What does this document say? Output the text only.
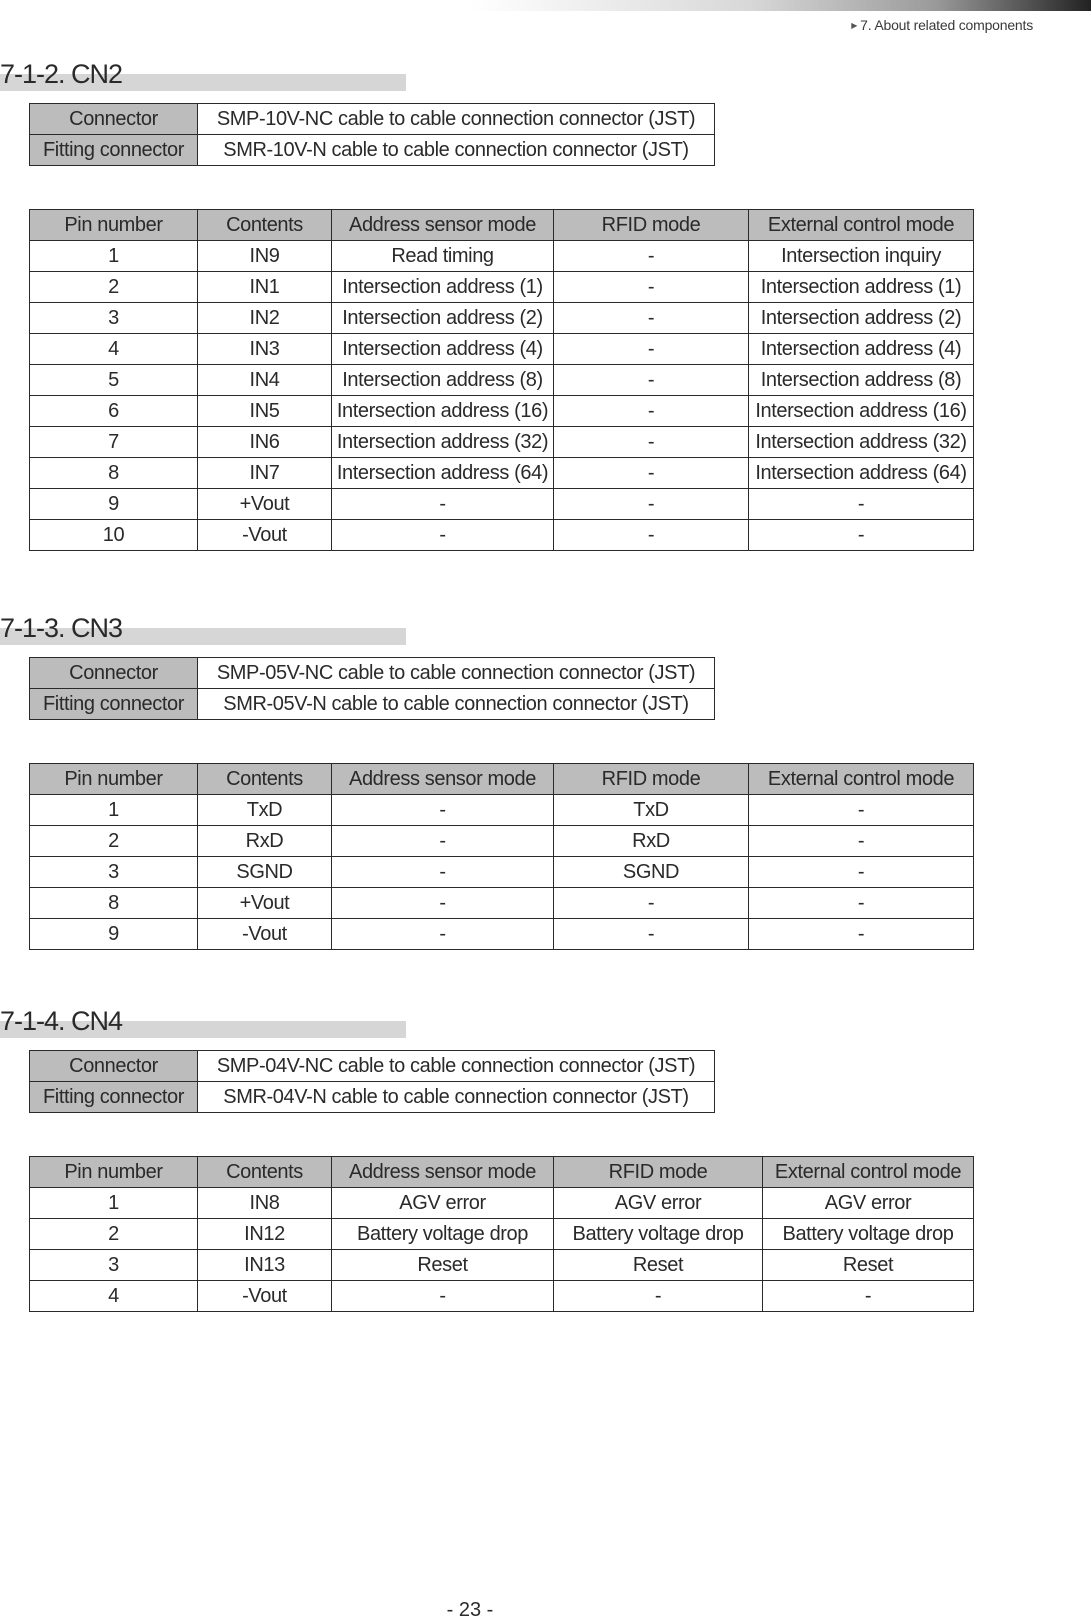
▶ 7. About related components
7-1-2. CN2
Connector	SMP-10V-NC cable to cable connection connector (JST)
Fitting connector	SMR-10V-N cable to cable connection connector (JST)
Pin number	Contents	Address sensor mode	RFID mode	External control mode
1	IN9	Read timing	-	Intersection inquiry
2	IN1	Intersection address (1)	-	Intersection address (1)
3	IN2	Intersection address (2)	-	Intersection address (2)
4	IN3	Intersection address (4)	-	Intersection address (4)
5	IN4	Intersection address (8)	-	Intersection address (8)
6	IN5	Intersection address (16)	-	Intersection address (16)
7	IN6	Intersection address (32)	-	Intersection address (32)
8	IN7	Intersection address (64)	-	Intersection address (64)
9	+Vout	-	-	-
10	-Vout	-	-	-
7-1-3. CN3
Connector	SMP-05V-NC cable to cable connection connector (JST)
Fitting connector	SMR-05V-N cable to cable connection connector (JST)
Pin number	Contents	Address sensor mode	RFID mode	External control mode
1	TxD	-	TxD	-
2	RxD	-	RxD	-
3	SGND	-	SGND	-
8	+Vout	-	-	-
9	-Vout	-	-	-
7-1-4. CN4
Connector	SMP-04V-NC cable to cable connection connector (JST)
Fitting connector	SMR-04V-N cable to cable connection connector (JST)
Pin number	Contents	Address sensor mode	RFID mode	External control mode
1	IN8	AGV error	AGV error	AGV error
2	IN12	Battery voltage drop	Battery voltage drop	Battery voltage drop
3	IN13	Reset	Reset	Reset
4	-Vout	-	-	-
- 23 -
